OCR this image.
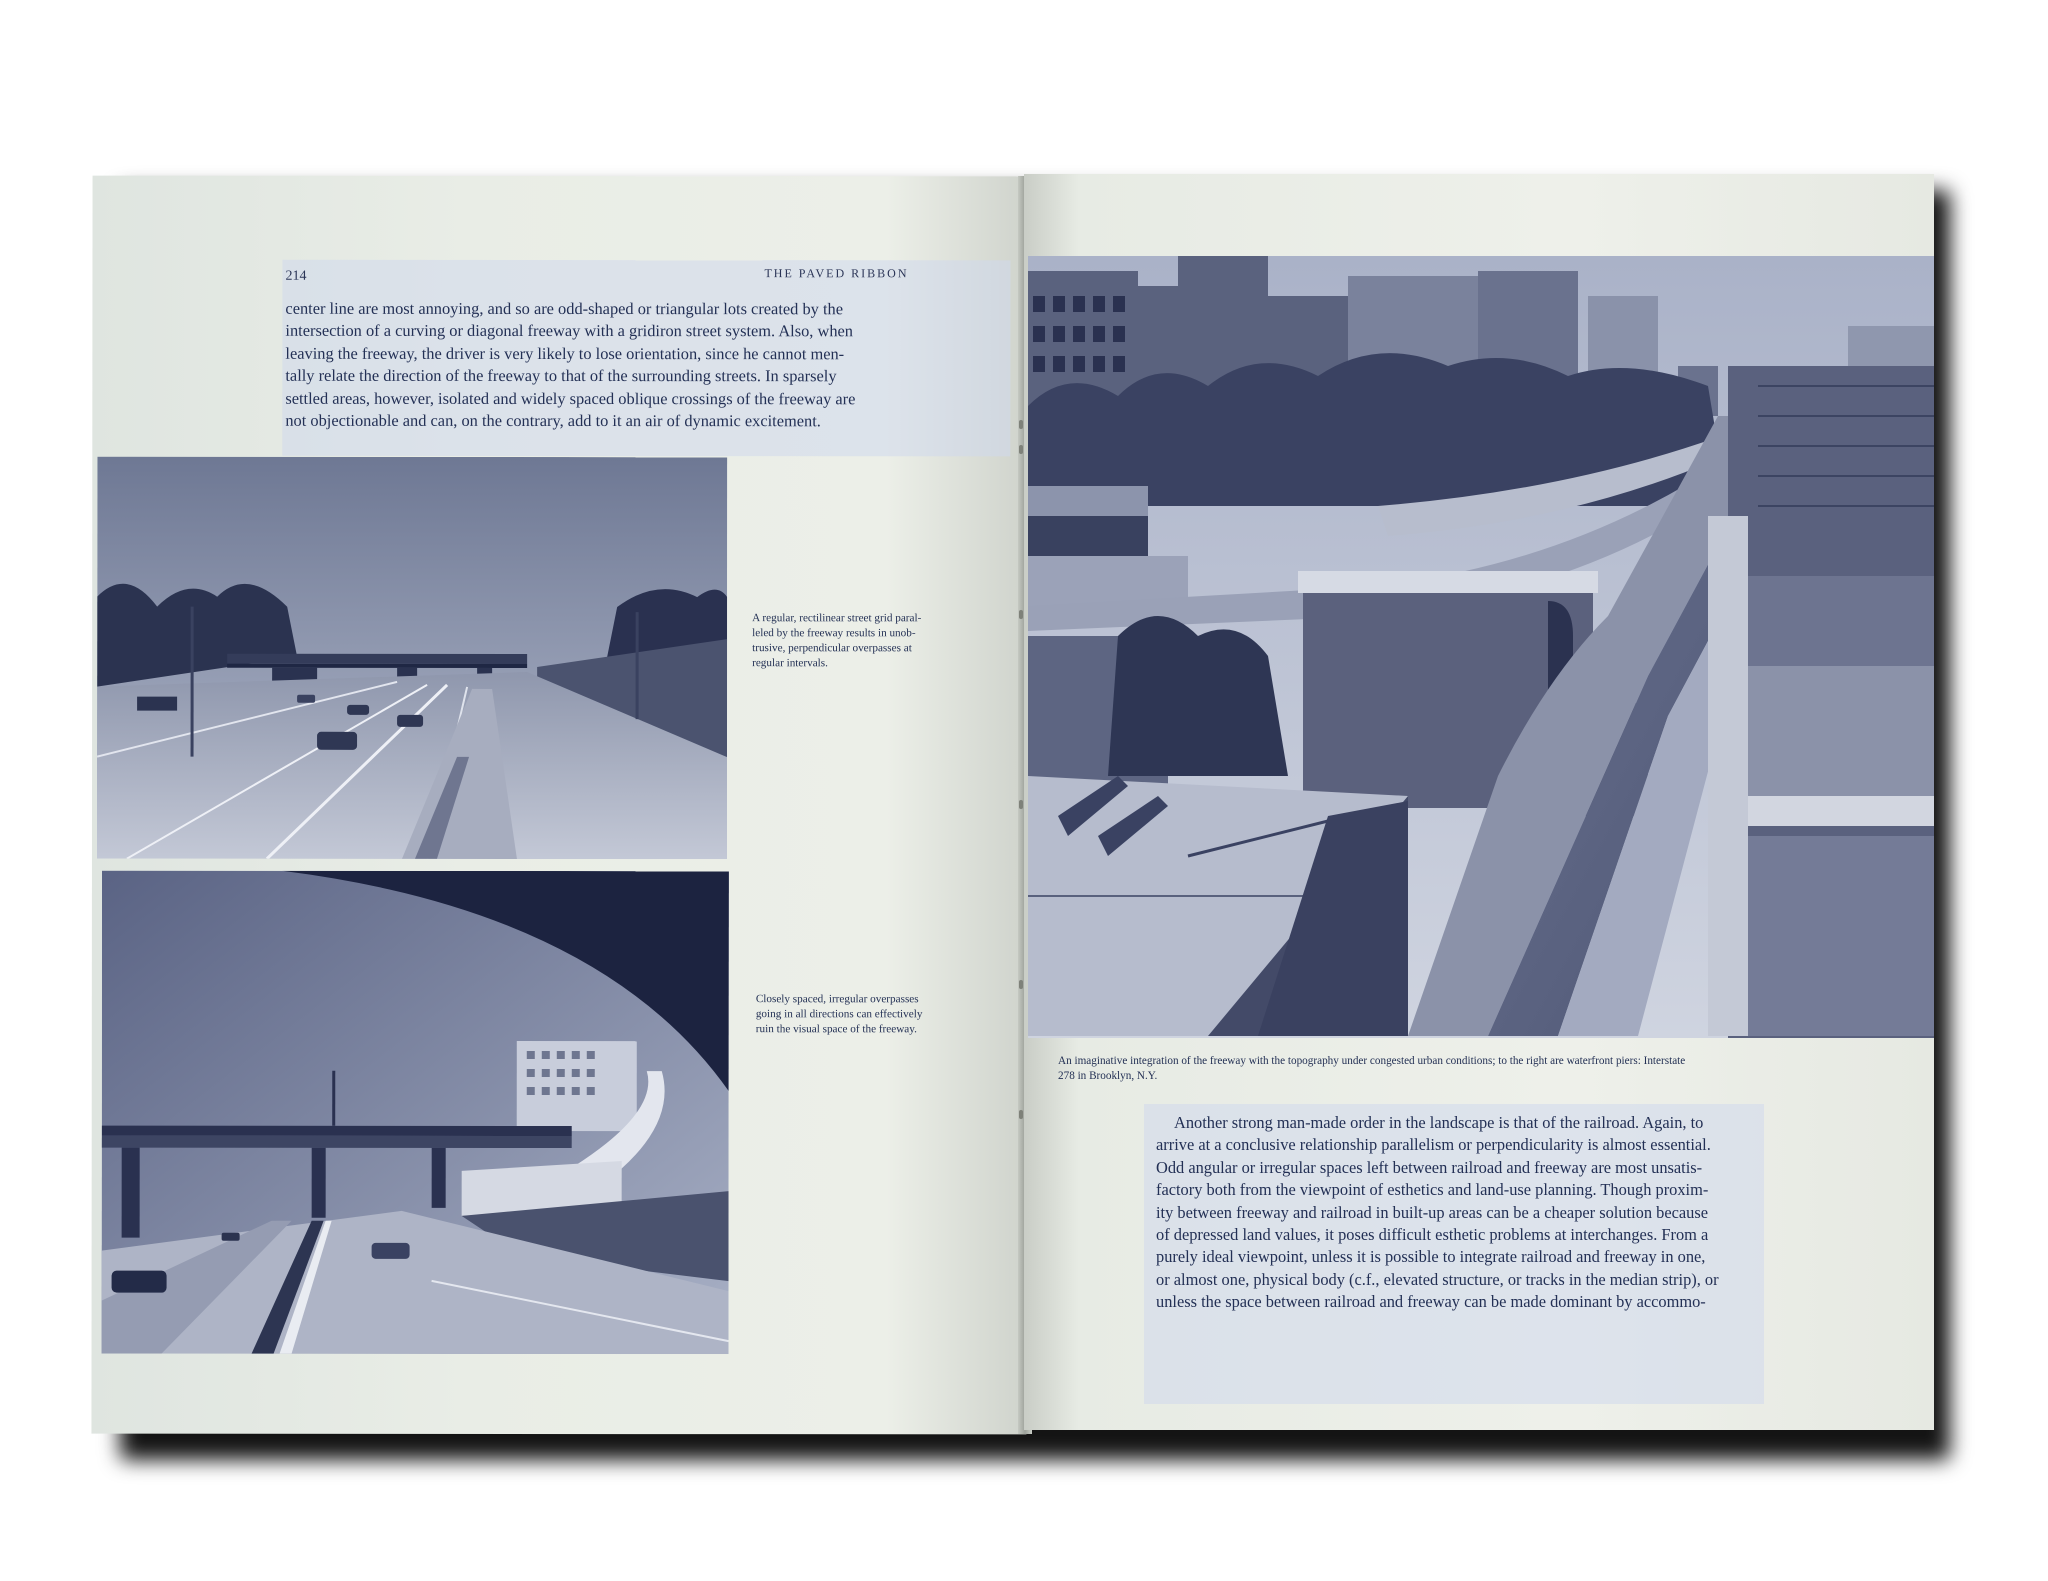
214	THE PAVED RIBBON
center line are most annoying, and so are odd-shaped or triangular lots created by the
intersection of a curving or diagonal freeway with a gridiron street system. Also, when
leaving the freeway, the driver is very likely to lose orientation, since he cannot men-
tally relate the direction of the freeway to that of the surrounding streets. In sparsely
settled areas, however, isolated and widely spaced oblique crossings of the freeway are
not objectionable and can, on the contrary, add to it an air of dynamic excitement.
A regular, rectilinear street grid paral-
leled by the freeway results in unob-
trusive, perpendicular overpasses at
regular intervals.
Closely spaced, irregular overpasses
going in all directions can effectively
ruin the visual space of the freeway.
An imaginative integration of the freeway with the topography under congested urban conditions; to the right are waterfront piers: Interstate
278 in Brooklyn, N.Y.
Another strong man-made order in the landscape is that of the railroad. Again, to
arrive at a conclusive relationship parallelism or perpendicularity is almost essential.
Odd angular or irregular spaces left between railroad and freeway are most unsatis-
factory both from the viewpoint of esthetics and land-use planning. Though proxim-
ity between freeway and railroad in built-up areas can be a cheaper solution because
of depressed land values, it poses difficult esthetic problems at interchanges. From a
purely ideal viewpoint, unless it is possible to integrate railroad and freeway in one,
or almost one, physical body (c.f., elevated structure, or tracks in the median strip), or
unless the space between railroad and freeway can be made dominant by accommo-
